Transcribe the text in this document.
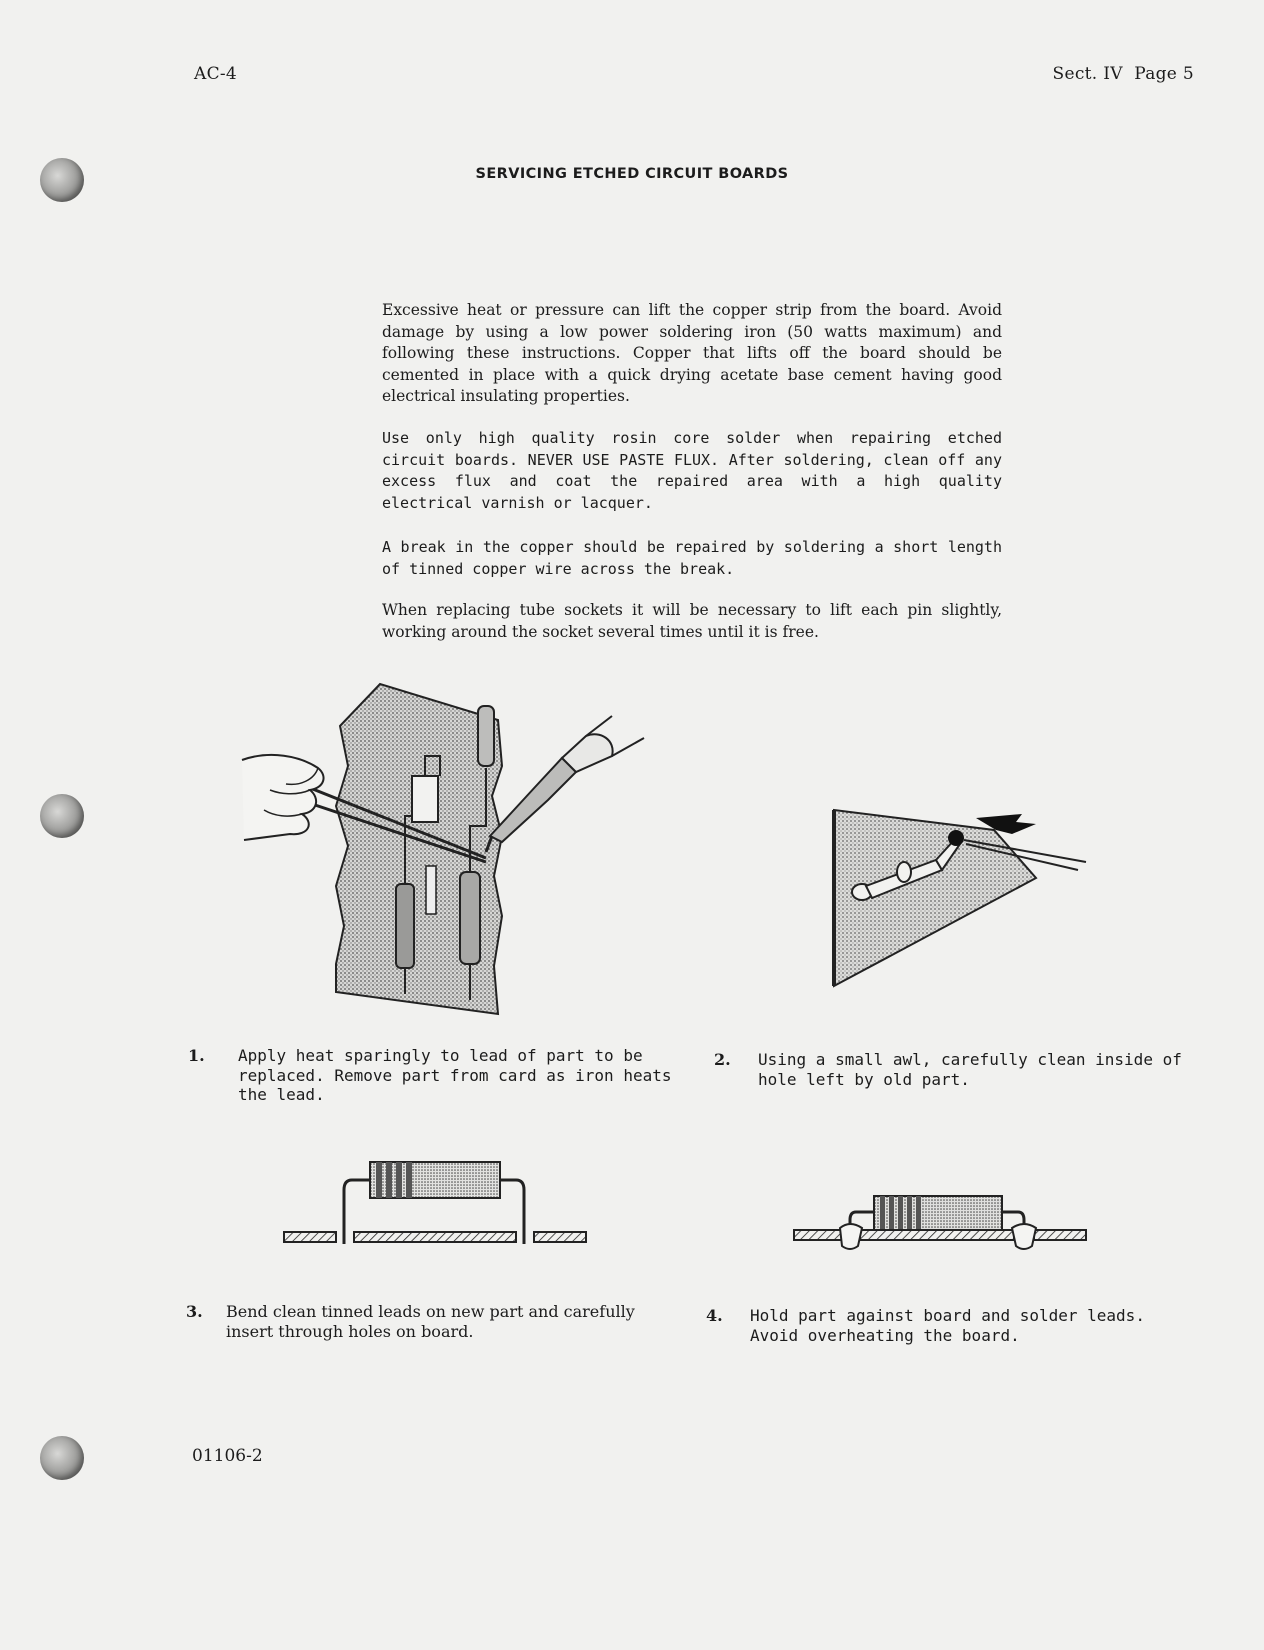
AC-4	Sect. IV  Page 5
SERVICING ETCHED CIRCUIT BOARDS

Excessive heat or pressure can lift the copper strip from the board. Avoid damage by using a low power soldering iron (50 watts maximum) and following these instructions. Copper that lifts off the board should be cemented in place with a quick drying acetate base cement having good electrical insulating properties.

Use only high quality rosin core solder when repairing etched circuit boards. NEVER USE PASTE FLUX. After soldering, clean off any excess flux and coat the repaired area with a high quality electrical varnish or lacquer.

A break in the copper should be repaired by soldering a short length of tinned copper wire across the break.

When replacing tube sockets it will be necessary to lift each pin slightly, working around the socket several times until it is free.

1. Apply heat sparingly to lead of part to be replaced. Remove part from card as iron heats the lead.
2. Using a small awl, carefully clean inside of hole left by old part.
3. Bend clean tinned leads on new part and carefully insert through holes on board.
4. Hold part against board and solder leads. Avoid overheating the board.
01106-2
